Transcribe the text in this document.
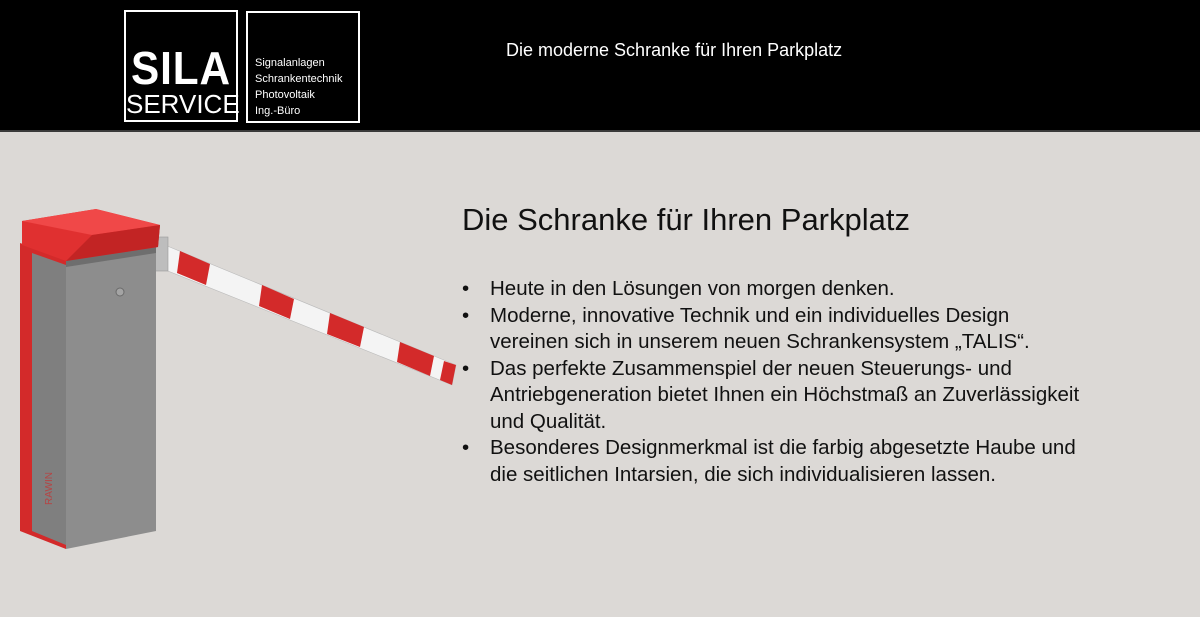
SILA
SERVICE
Signalanlagen
Schrankentechnik
Photovoltaik
Ing.-Büro
Die moderne Schranke für Ihren Parkplatz
RAWIN
Die Schranke für Ihren Parkplatz
•	Heute in den Lösungen von morgen denken.
•	Moderne, innovative Technik und ein individuelles Design
vereinen sich in unserem neuen Schrankensystem „TALIS“.
•	Das perfekte Zusammenspiel der neuen Steuerungs- und
Antriebgeneration bietet Ihnen ein Höchstmaß an Zuverlässigkeit
und Qualität.
•	Besonderes Designmerkmal ist die farbig abgesetzte Haube und
die seitlichen Intarsien, die sich individualisieren lassen.
